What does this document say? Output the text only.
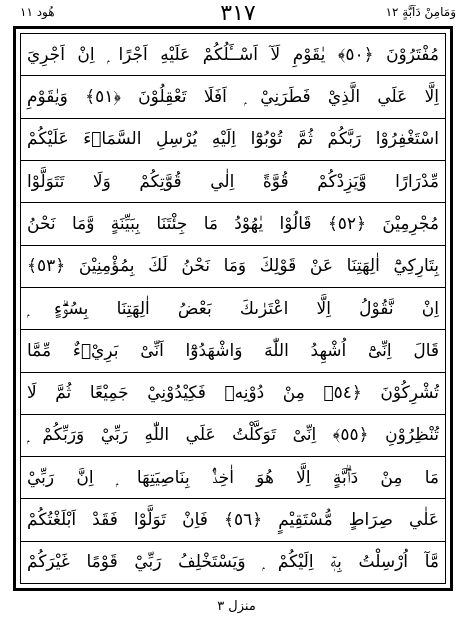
هُود ١١	٣١٧	وَمَامِنْ دَآبَّةٍ ١٢
مُفْتَرُوْنَ ﴿٥٠﴾ يٰقَوْمِ لَآ اَسْــَٔلُكُمْ عَلَيْهِ اَجْرًا ۭ اِنْ اَجْرِيَ
اِلَّا عَلَي الَّذِيْ فَطَرَنِيْ ۭ اَفَلَا تَعْقِلُوْنَ ﴿٥١﴾ وَيٰقَوْمِ
اسْتَغْفِرُوْا رَبَّكُمْ ثُمَّ تُوْبُوْٓا اِلَيْهِ يُرْسِلِ السَّمَاۗءَ عَلَيْكُمْ
مِّدْرَارًا وَّيَزِدْكُمْ قُوَّةً اِلٰي قُوَّتِكُمْ وَلَا تَتَوَلَّوْا
مُجْرِمِيْنَ ﴿٥٢﴾ قَالُوْا يٰهُوْدُ مَا جِئْتَنَا بِبَيِّنَةٍ وَّمَا نَحْنُ
بِتَارِكِيْٓ اٰلِهَتِنَا عَنْ قَوْلِكَ وَمَا نَحْنُ لَكَ بِمُؤْمِنِيْنَ ﴿٥٣﴾
اِنْ نَّقُوْلُ اِلَّا اعْتَرٰىكَ بَعْضُ اٰلِهَتِنَا بِسُوْۗءٍ ۭ
قَالَ اِنِّىْٓ اُشْهِدُ اللّٰهَ وَاشْهَدُوْٓا اَنِّىْ بَرِيْۗءٌ مِّمَّا
تُشْرِكُوْنَ ﴿٥٤﴾ مِنْ دُوْنِهٖ فَكِيْدُوْنِيْ جَمِيْعًا ثُمَّ لَا
تُنْظِرُوْنِ ﴿٥٥﴾ اِنِّىْ تَوَكَّلْتُ عَلَي اللّٰهِ رَبِّيْ وَرَبِّكُمْ ۭ
مَا مِنْ دَاۗبَّةٍ اِلَّا هُوَ اٰخِذٌۢ بِنَاصِيَتِهَا ۭ اِنَّ رَبِّيْ
عَلٰي صِرَاطٍ مُّسْتَقِيْمٍ ﴿٥٦﴾ فَاِنْ تَوَلَّوْا فَقَدْ اَبْلَغْتُكُمْ
مَّآ اُرْسِلْتُ بِهٖٓ اِلَيْكُمْ ۭ وَيَسْتَخْلِفُ رَبِّيْ قَوْمًا غَيْرَكُمْ
منزل ٣
